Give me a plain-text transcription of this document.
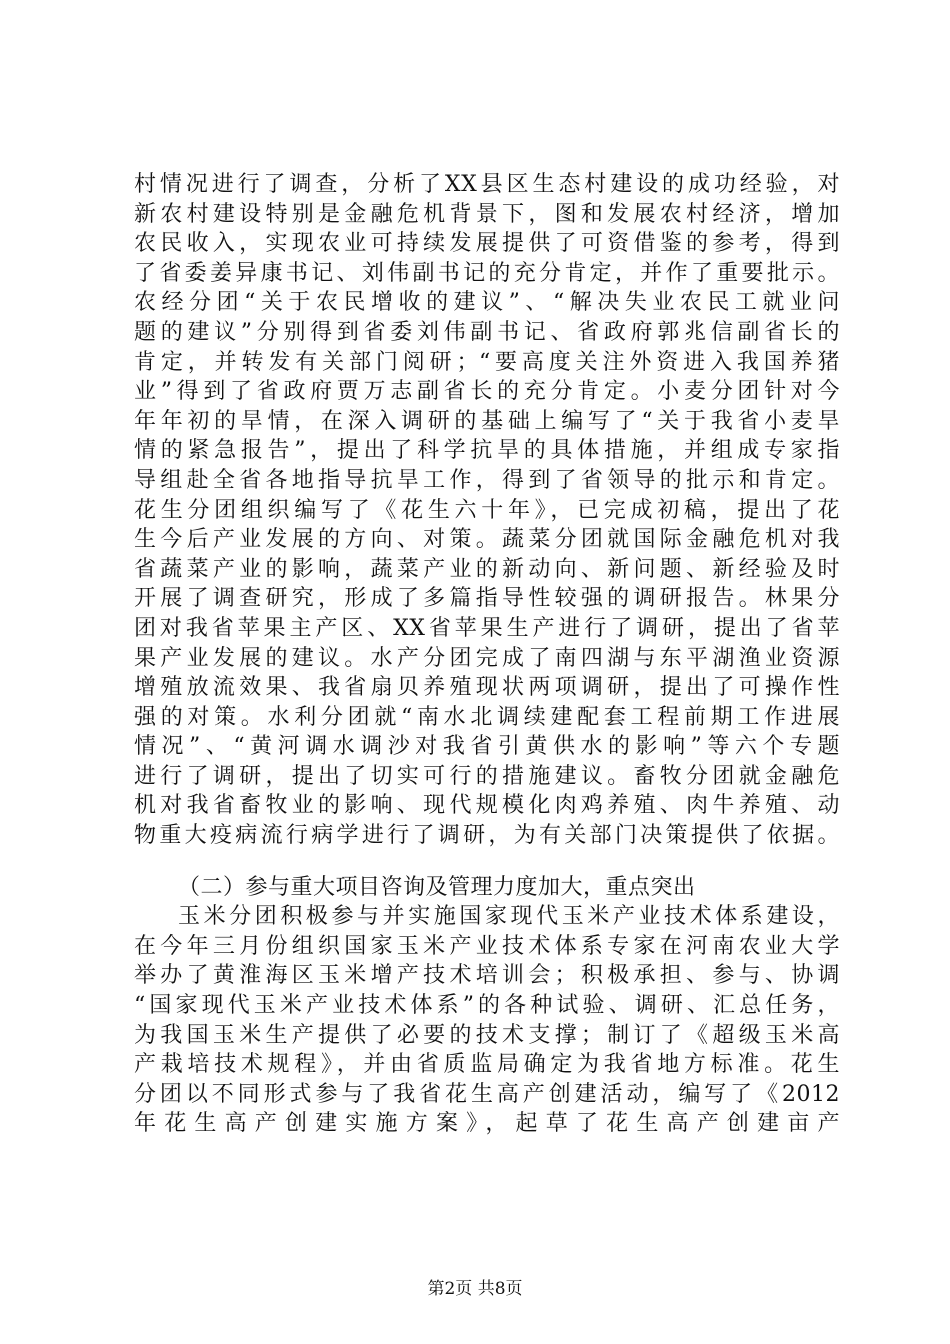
村情况进行了调查，分析了XX县区生态村建设的成功经验，对
新农村建设特别是金融危机背景下，图和发展农村经济，增加
农民收入，实现农业可持续发展提供了可资借鉴的参考，得到
了省委姜异康书记、刘伟副书记的充分肯定，并作了重要批示。
农经分团“关于农民增收的建议”、“解决失业农民工就业问
题的建议”分别得到省委刘伟副书记、省政府郭兆信副省长的
肯定，并转发有关部门阅研；“要高度关注外资进入我国养猪
业”得到了省政府贾万志副省长的充分肯定。小麦分团针对今
年年初的旱情，在深入调研的基础上编写了“关于我省小麦旱
情的紧急报告”，提出了科学抗旱的具体措施，并组成专家指
导组赴全省各地指导抗旱工作，得到了省领导的批示和肯定。
花生分团组织编写了《花生六十年》，已完成初稿，提出了花
生今后产业发展的方向、对策。蔬菜分团就国际金融危机对我
省蔬菜产业的影响，蔬菜产业的新动向、新问题、新经验及时
开展了调查研究，形成了多篇指导性较强的调研报告。林果分
团对我省苹果主产区、XX省苹果生产进行了调研，提出了省苹
果产业发展的建议。水产分团完成了南四湖与东平湖渔业资源
增殖放流效果、我省扇贝养殖现状两项调研，提出了可操作性
强的对策。水利分团就“南水北调续建配套工程前期工作进展
情况”、“黄河调水调沙对我省引黄供水的影响”等六个专题
进行了调研，提出了切实可行的措施建议。畜牧分团就金融危
机对我省畜牧业的影响、现代规模化肉鸡养殖、肉牛养殖、动
物重大疫病流行病学进行了调研，为有关部门决策提供了依据。
（二）参与重大项目咨询及管理力度加大，重点突出
玉米分团积极参与并实施国家现代玉米产业技术体系建设，
在今年三月份组织国家玉米产业技术体系专家在河南农业大学
举办了黄淮海区玉米增产技术培训会；积极承担、参与、协调
“国家现代玉米产业技术体系”的各种试验、调研、汇总任务，
为我国玉米生产提供了必要的技术支撑；制订了《超级玉米高
产栽培技术规程》，并由省质监局确定为我省地方标准。花生
分团以不同形式参与了我省花生高产创建活动，编写了《2012
年花生高产创建实施方案》，起草了花生高产创建亩产
第2页 共8页
